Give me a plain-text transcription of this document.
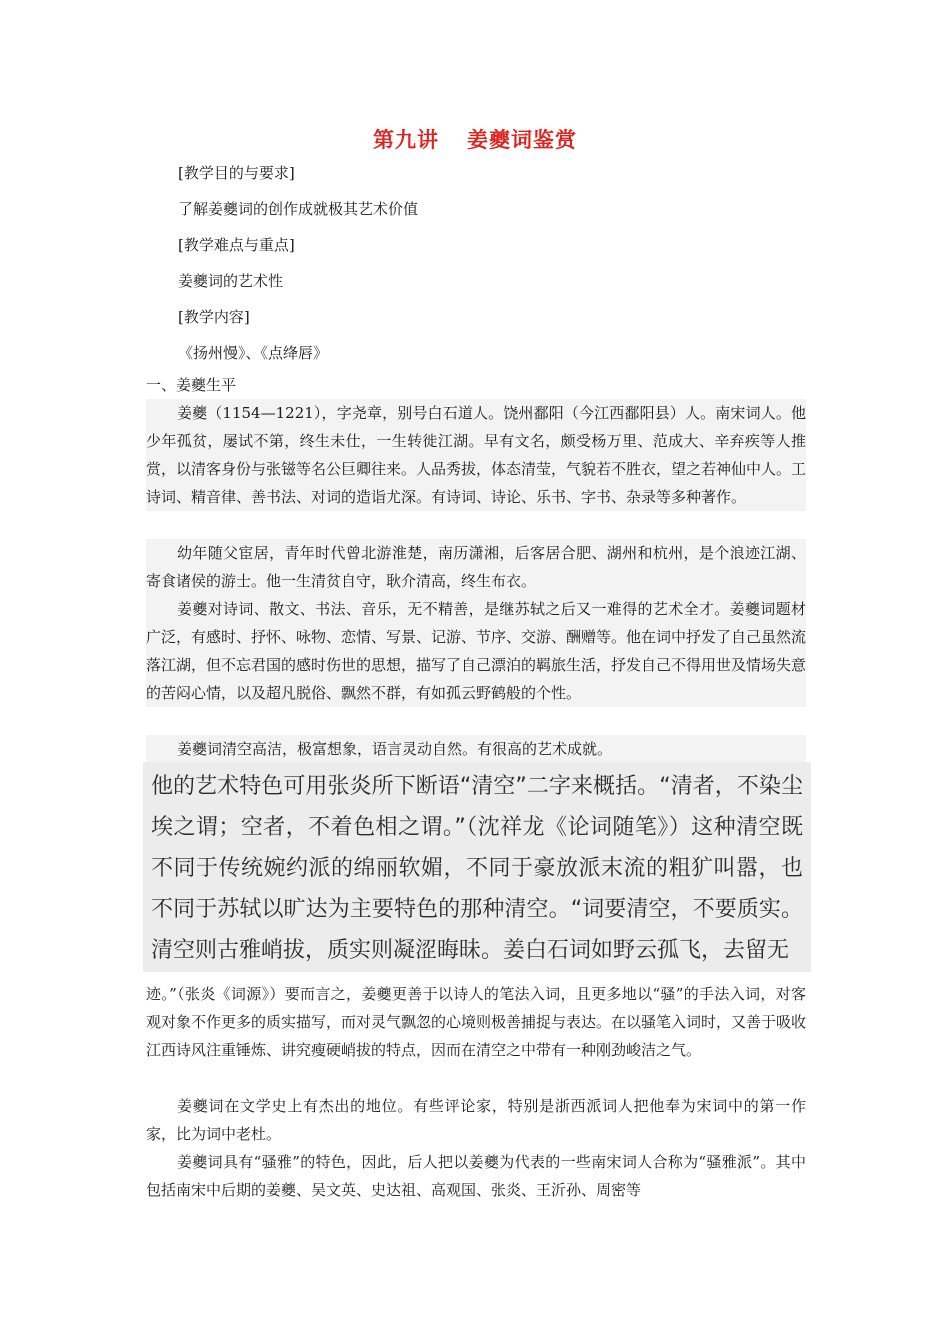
第九讲 姜夔词鉴赏
[教学目的与要求]
了解姜夔词的创作成就极其艺术价值
[教学难点与重点]
姜夔词的艺术性
[教学内容]
《扬州慢》、《点绛唇》
一、姜夔生平
姜夔（1154—1221），字尧章，别号白石道人。饶州鄱阳（今江西鄱阳县）人。南宋词人。他少年孤贫，屡试不第，终生未仕，一生转徙江湖。早有文名，颇受杨万里、范成大、辛弃疾等人推赏，以清客身份与张镃等名公巨卿往来。人品秀拔，体态清莹，气貌若不胜衣，望之若神仙中人。工诗词、精音律、善书法、对词的造诣尤深。有诗词、诗论、乐书、字书、杂录等多种著作。
幼年随父宦居，青年时代曾北游淮楚，南历潇湘，后客居合肥、湖州和杭州，是个浪迹江湖、寄食诸侯的游士。他一生清贫自守，耿介清高，终生布衣。
姜夔对诗词、散文、书法、音乐，无不精善，是继苏轼之后又一难得的艺术全才。姜夔词题材广泛，有感时、抒怀、咏物、恋情、写景、记游、节序、交游、酬赠等。他在词中抒发了自己虽然流落江湖，但不忘君国的感时伤世的思想，描写了自己漂泊的羁旅生活，抒发自己不得用世及情场失意的苦闷心情，以及超凡脱俗、飘然不群，有如孤云野鹤般的个性。
姜夔词清空高洁，极富想象，语言灵动自然。有很高的艺术成就。
他的艺术特色可用张炎所下断语“清空”二字来概括。“清者，不染尘埃之谓；空者，不着色相之谓。”（沈祥龙《论词随笔》）这种清空既不同于传统婉约派的绵丽软媚，不同于豪放派末流的粗犷叫嚣，也不同于苏轼以旷达为主要特色的那种清空。“词要清空，不要质实。清空则古雅峭拔，质实则凝涩晦昧。姜白石词如野云孤飞，去留无
迹。”（张炎《词源》）要而言之，姜夔更善于以诗人的笔法入词，且更多地以“骚”的手法入词，对客观对象不作更多的质实描写，而对灵气飘忽的心境则极善捕捉与表达。在以骚笔入词时，又善于吸收江西诗风注重锤炼、讲究瘦硬峭拔的特点，因而在清空之中带有一种刚劲峻洁之气。
姜夔词在文学史上有杰出的地位。有些评论家，特别是浙西派词人把他奉为宋词中的第一作家，比为词中老杜。
姜夔词具有“骚雅”的特色，因此，后人把以姜夔为代表的一些南宋词人合称为“骚雅派”。其中包括南宋中后期的姜夔、吴文英、史达祖、高观国、张炎、王沂孙、周密等
